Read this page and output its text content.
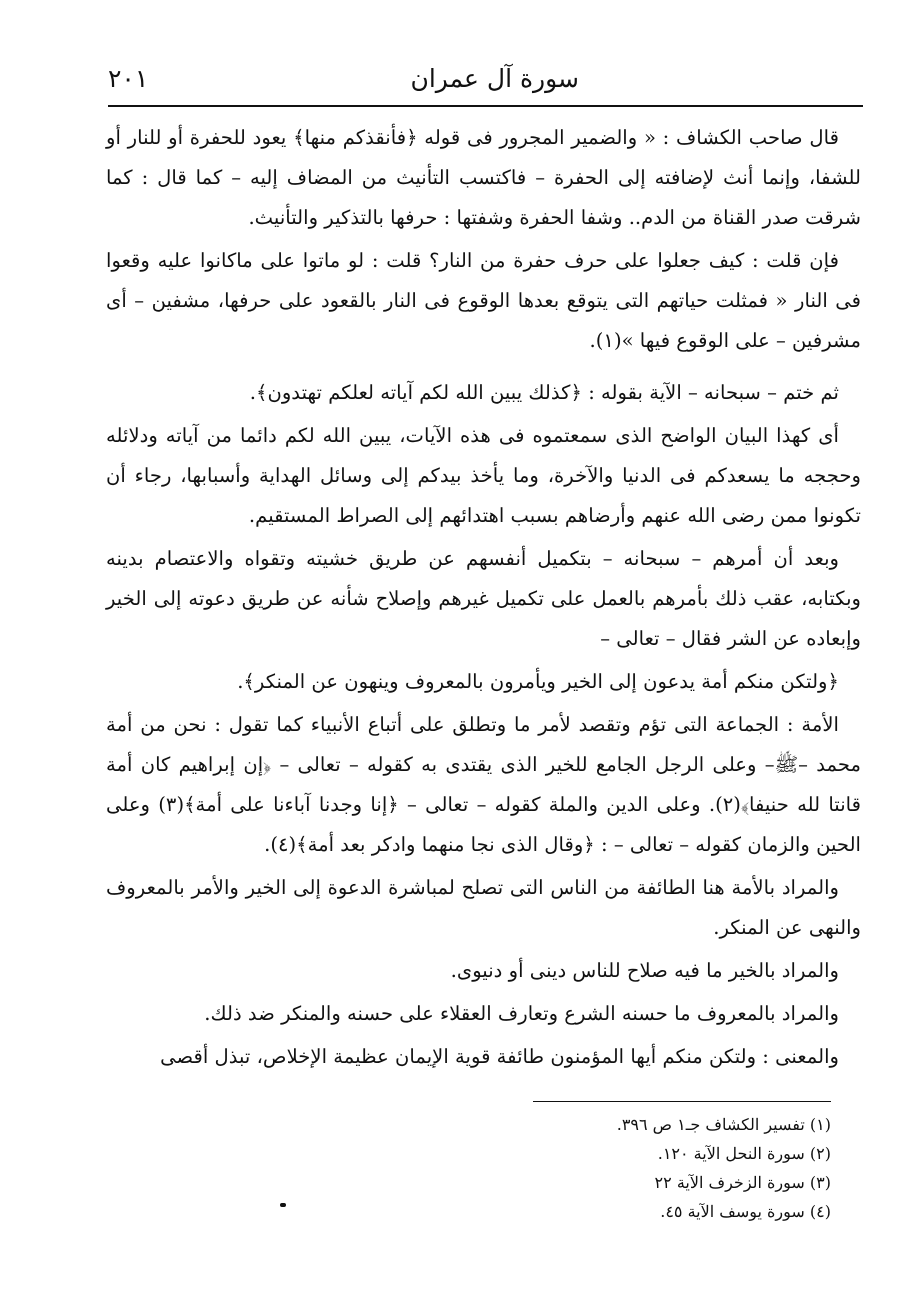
٢٠١	سورة آل عمران

قال صاحب الكشاف : « والضمير المجرور فى قوله ﴿فأنقذكم منها﴾ يعود للحفرة أو للنار أو للشفا، وإنما أنث لإضافته إلى الحفرة – فاكتسب التأنيث من المضاف إليه – كما قال : كما شرقت صدر القناة من الدم.. وشفا الحفرة وشفتها : حرفها بالتذكير والتأنيث.

فإن قلت : كيف جعلوا على حرف حفرة من النار؟ قلت : لو ماتوا على ماكانوا عليه وقعوا فى النار « فمثلت حياتهم التى يتوقع بعدها الوقوع فى النار بالقعود على حرفها، مشفين – أى مشرفين – على الوقوع فيها »(١).

ثم ختم – سبحانه – الآية بقوله : ﴿كذلك يبين الله لكم آياته لعلكم تهتدون﴾.

أى كهذا البيان الواضح الذى سمعتموه فى هذه الآيات، يبين الله لكم دائما من آياته ودلائله وحججه ما يسعدكم فى الدنيا والآخرة، وما يأخذ بيدكم إلى وسائل الهداية وأسبابها، رجاء أن تكونوا ممن رضى الله عنهم وأرضاهم بسبب اهتدائهم إلى الصراط المستقيم.

وبعد أن أمرهم – سبحانه – بتكميل أنفسهم عن طريق خشيته وتقواه والاعتصام بدينه وبكتابه، عقب ذلك بأمرهم بالعمل على تكميل غيرهم وإصلاح شأنه عن طريق دعوته إلى الخير وإبعاده عن الشر فقال – تعالى –

﴿ولتكن منكم أمة يدعون إلى الخير ويأمرون بالمعروف وينهون عن المنكر﴾.

الأمة : الجماعة التى تؤم وتقصد لأمر ما وتطلق على أتباع الأنبياء كما تقول : نحن من أمة محمد –ﷺ– وعلى الرجل الجامع للخير الذى يقتدى به كقوله – تعالى – ﴿إن إبراهيم كان أمة قانتا لله حنيفا﴾(٢). وعلى الدين والملة كقوله – تعالى – ﴿إنا وجدنا آباءنا على أمة﴾(٣) وعلى الحين والزمان كقوله – تعالى – : ﴿وقال الذى نجا منهما وادكر بعد أمة﴾(٤).

والمراد بالأمة هنا الطائفة من الناس التى تصلح لمباشرة الدعوة إلى الخير والأمر بالمعروف والنهى عن المنكر.

والمراد بالخير ما فيه صلاح للناس دينى أو دنيوى.

والمراد بالمعروف ما حسنه الشرع وتعارف العقلاء على حسنه والمنكر ضد ذلك.

والمعنى : ولتكن منكم أيها المؤمنون طائفة قوية الإيمان عظيمة الإخلاص، تبذل أقصى

(١) تفسير الكشاف جـ١ ص ٣٩٦.
(٢) سورة النحل الآية ١٢٠.
(٣) سورة الزخرف الآية ٢٢
(٤) سورة يوسف الآية ٤٥.
